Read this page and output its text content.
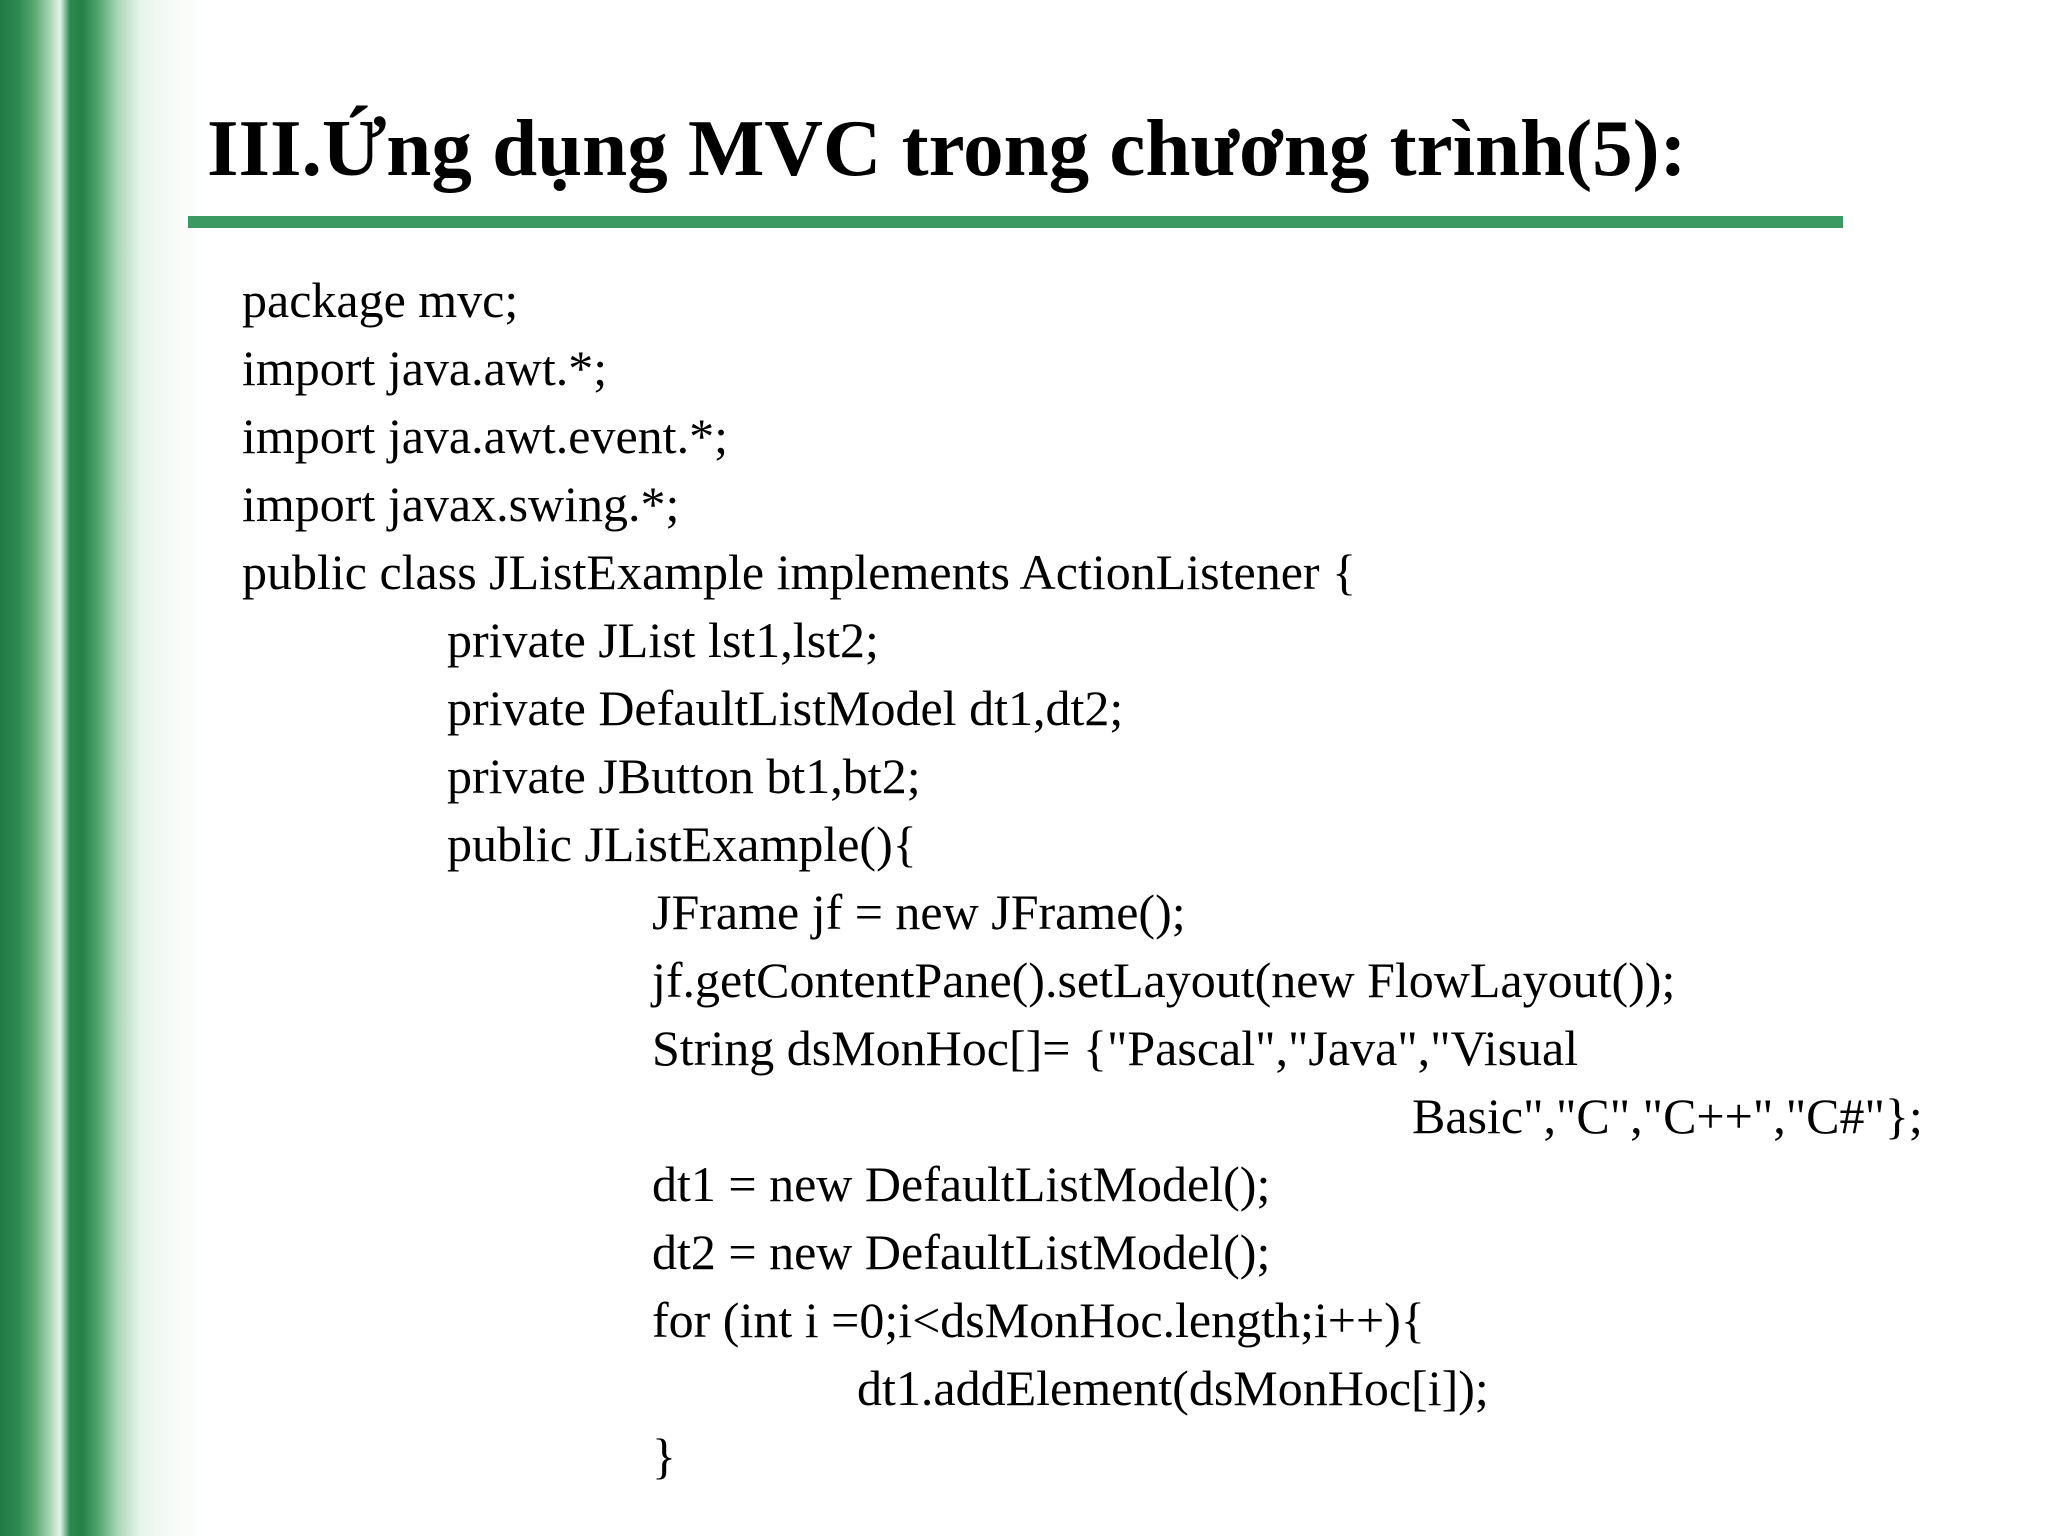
III.Ứng dụng MVC trong chương trình(5):
package mvc;
import java.awt.*;
import java.awt.event.*;
import javax.swing.*;
public class JListExample implements ActionListener {
private JList lst1,lst2;
private DefaultListModel dt1,dt2;
private JButton bt1,bt2;
public JListExample(){
JFrame jf = new JFrame();
jf.getContentPane().setLayout(new FlowLayout());
String dsMonHoc[]= {"Pascal","Java","Visual
Basic","C","C++","C#"};
dt1 = new DefaultListModel();
dt2 = new DefaultListModel();
for (int i =0;i<dsMonHoc.length;i++){
dt1.addElement(dsMonHoc[i]);
}
